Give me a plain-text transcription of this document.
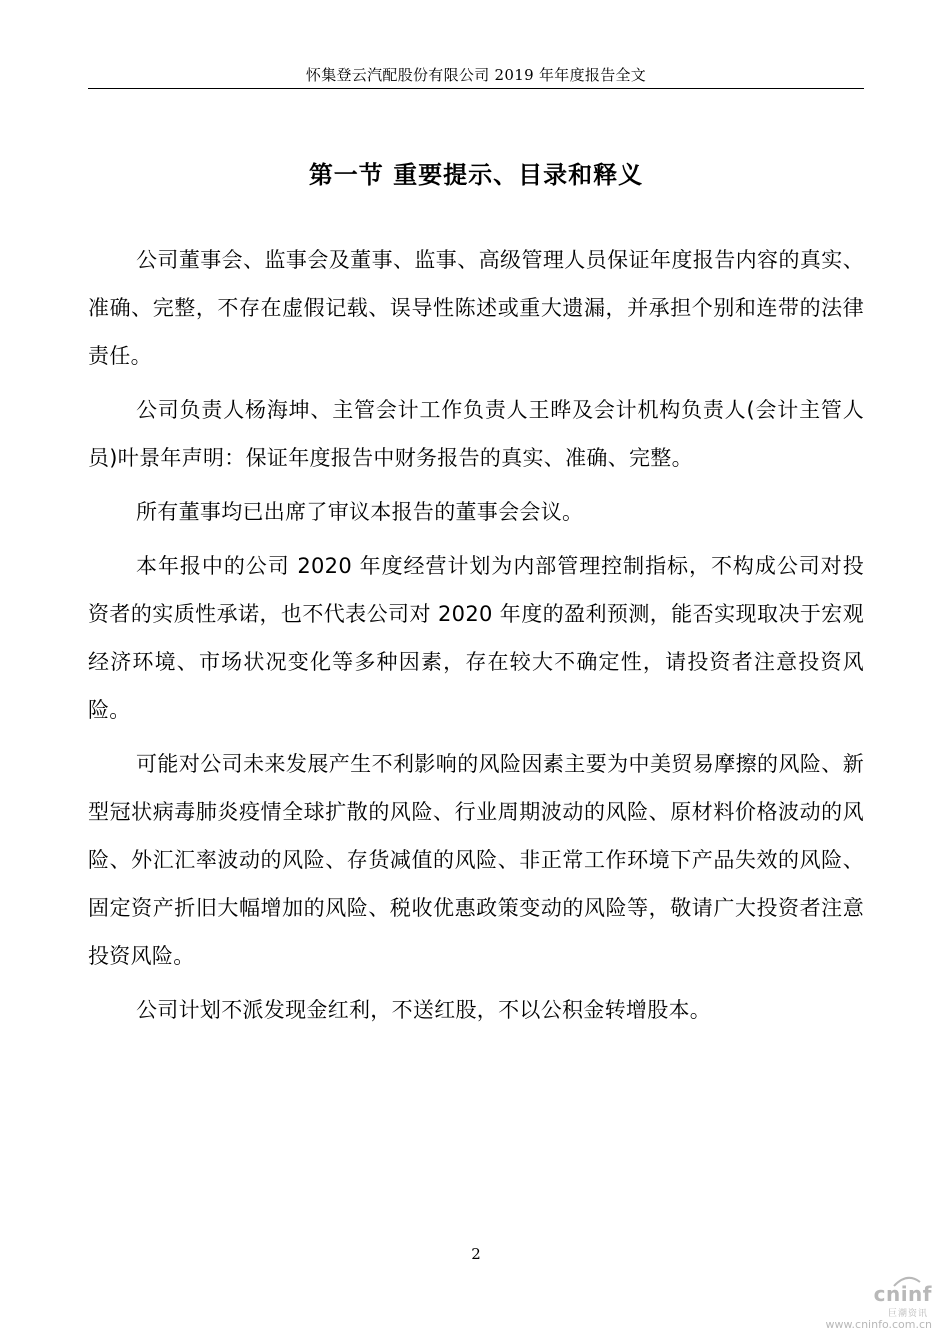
怀集登云汽配股份有限公司 2019 年年度报告全文
第一节 重要提示、目录和释义

公司董事会、监事会及董事、监事、高级管理人员保证年度报告内容的真实、准确、完整，不存在虚假记载、误导性陈述或重大遗漏，并承担个别和连带的法律责任。

公司负责人杨海坤、主管会计工作负责人王晔及会计机构负责人(会计主管人员)叶景年声明：保证年度报告中财务报告的真实、准确、完整。

所有董事均已出席了审议本报告的董事会会议。

本年报中的公司 2020 年度经营计划为内部管理控制指标，不构成公司对投资者的实质性承诺，也不代表公司对 2020 年度的盈利预测，能否实现取决于宏观经济环境、市场状况变化等多种因素，存在较大不确定性，请投资者注意投资风险。

可能对公司未来发展产生不利影响的风险因素主要为中美贸易摩擦的风险、新型冠状病毒肺炎疫情全球扩散的风险、行业周期波动的风险、原材料价格波动的风险、外汇汇率波动的风险、存货减值的风险、非正常工作环境下产品失效的风险、固定资产折旧大幅增加的风险、税收优惠政策变动的风险等，敬请广大投资者注意投资风险。

公司计划不派发现金红利，不送红股，不以公积金转增股本。

2
cninf
巨潮资讯
www.cninfo.com.cn
